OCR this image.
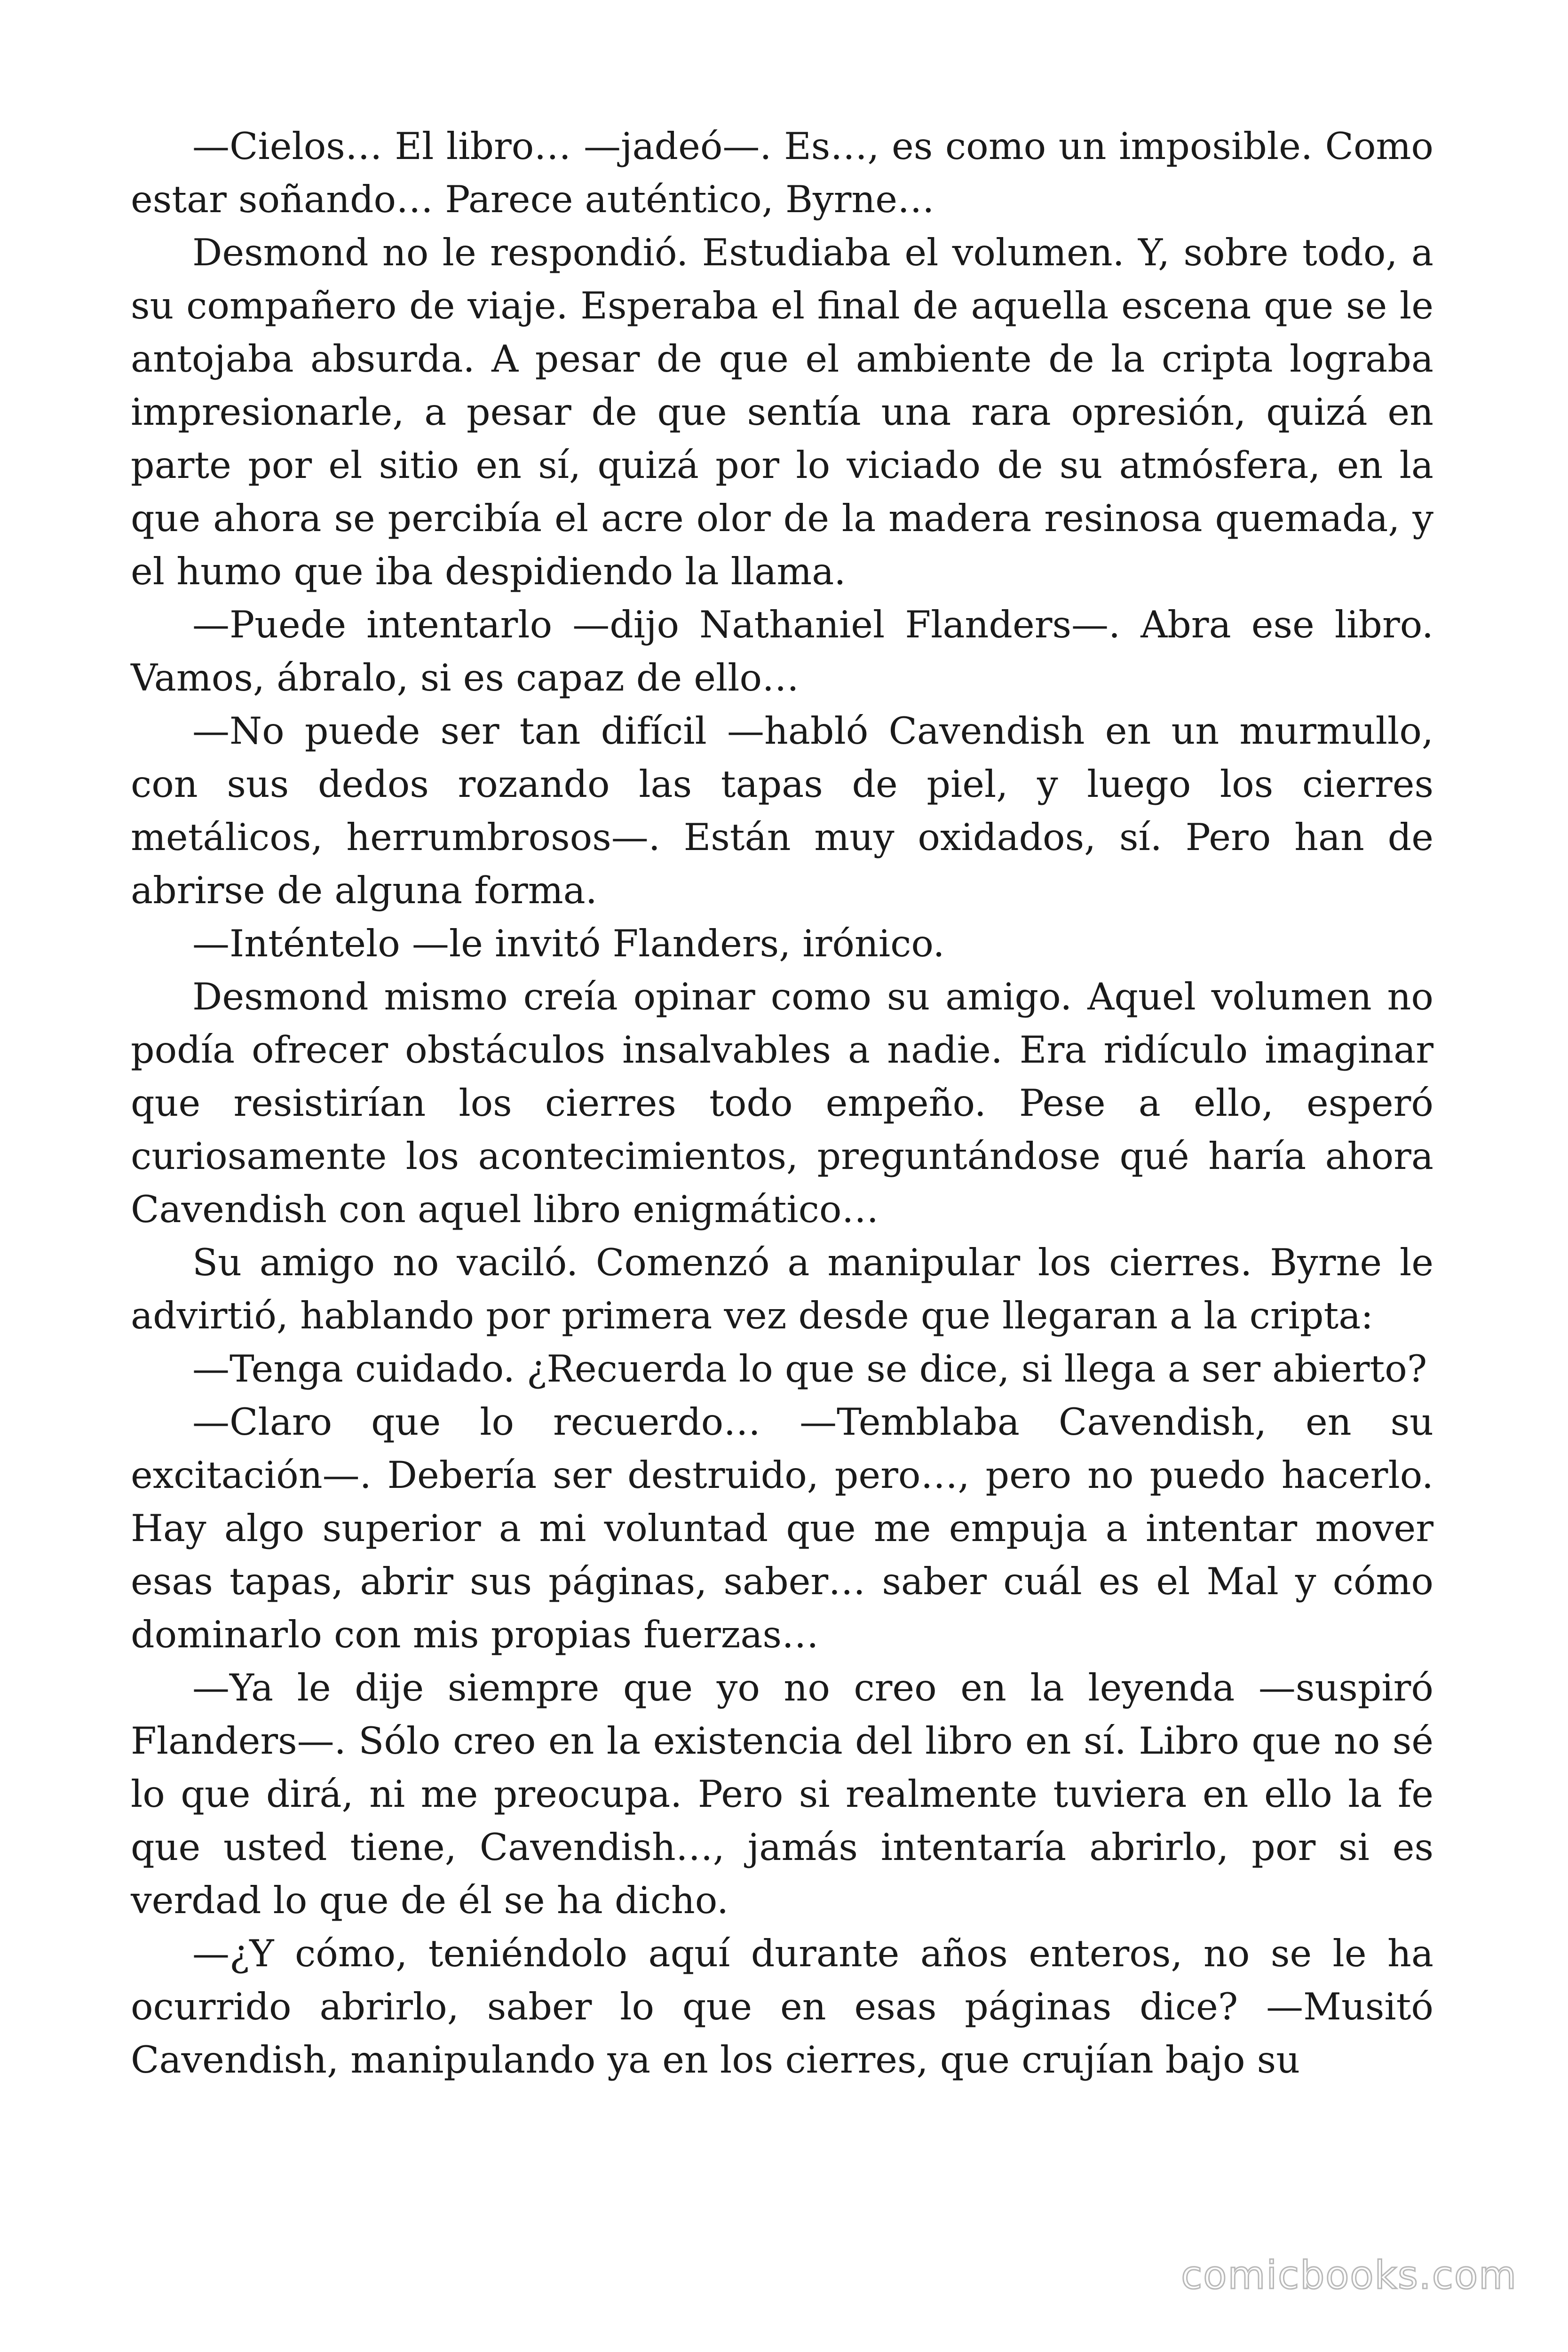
—Cielos… El libro… —jadeó—. Es…, es como un imposible. Como estar soñando… Parece auténtico, Byrne…

Desmond no le respondió. Estudiaba el volumen. Y, sobre todo, a su compañero de viaje. Esperaba el final de aquella escena que se le antojaba absurda. A pesar de que el ambiente de la cripta lograba impresionarle, a pesar de que sentía una rara opresión, quizá en parte por el sitio en sí, quizá por lo viciado de su atmósfera, en la que ahora se percibía el acre olor de la madera resinosa quemada, y el humo que iba despidiendo la llama.

—Puede intentarlo —dijo Nathaniel Flanders—. Abra ese libro. Vamos, ábralo, si es capaz de ello…

—No puede ser tan difícil —habló Cavendish en un murmullo, con sus dedos rozando las tapas de piel, y luego los cierres metálicos, herrumbrosos—. Están muy oxidados, sí. Pero han de abrirse de alguna forma.

—Inténtelo —le invitó Flanders, irónico.

Desmond mismo creía opinar como su amigo. Aquel volumen no podía ofrecer obstáculos insalvables a nadie. Era ridículo imaginar que resistirían los cierres todo empeño. Pese a ello, esperó curiosamente los acontecimientos, preguntándose qué haría ahora Cavendish con aquel libro enigmático…

Su amigo no vaciló. Comenzó a manipular los cierres. Byrne le advirtió, hablando por primera vez desde que llegaran a la cripta:

—Tenga cuidado. ¿Recuerda lo que se dice, si llega a ser abierto?

—Claro que lo recuerdo… —Temblaba Cavendish, en su excitación—. Debería ser destruido, pero…, pero no puedo hacerlo. Hay algo superior a mi voluntad que me empuja a intentar mover esas tapas, abrir sus páginas, saber… saber cuál es el Mal y cómo dominarlo con mis propias fuerzas…

—Ya le dije siempre que yo no creo en la leyenda —suspiró Flanders—. Sólo creo en la existencia del libro en sí. Libro que no sé lo que dirá, ni me preocupa. Pero si realmente tuviera en ello la fe que usted tiene, Cavendish…, jamás intentaría abrirlo, por si es verdad lo que de él se ha dicho.

—¿Y cómo, teniéndolo aquí durante años enteros, no se le ha ocurrido abrirlo, saber lo que en esas páginas dice? —Musitó Cavendish, manipulando ya en los cierres, que crujían bajo su

comicbooks.com
